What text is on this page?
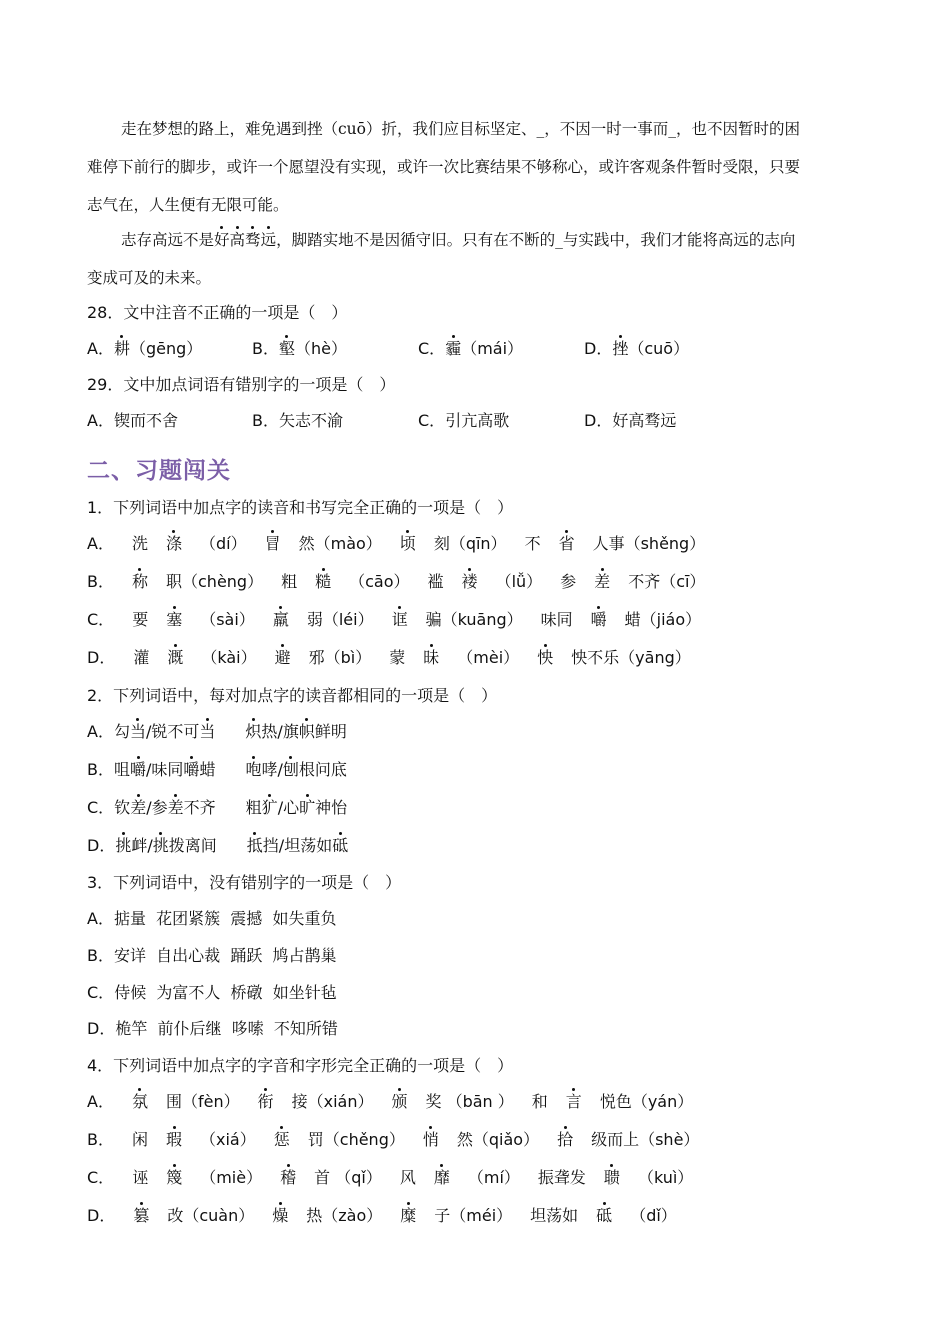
走在梦想的路上，难免遇到挫（cuō）折，我们应目标坚定、_，不因一时一事而_，也不因暂时的困
难停下前行的脚步，或许一个愿望没有实现，或许一次比赛结果不够称心，或许客观条件暂时受限，只要
志气在，人生便有无限可能。
志存高远不是好高骛远，脚踏实地不是因循守旧。只有在不断的_与实践中，我们才能将高远的志向
变成可及的未来。
28．文中注音不正确的一项是（　）
A．耕（gēng）	B．壑（hè）	C．霾（mái）	D．挫（cuō）
29．文中加点词语有错别字的一项是（　）
A．锲而不舍	B．矢志不渝	C．引亢高歌	D．好高骛远
二、习题闯关
1．下列词语中加点字的读音和书写完全正确的一项是（　）
A． 洗 涤 （dí） 冒 然（mào） 顷 刻（qīn） 不 省 人事（shěng）
B． 称 职（chèng） 粗 糙 （cāo） 褴 褛 （lǚ） 参 差 不齐（cī）
C． 要 塞 （sài） 羸 弱（léi） 诓 骗（kuāng） 味同 嚼 蜡（jiáo）
D． 灌 溉 （kài） 避 邪（bì） 蒙 昧 （mèi） 怏 怏不乐（yāng）
2．下列词语中，每对加点字的读音都相同的一项是（　）
A．勾当/锐不可当 炽热/旗帜鲜明
B．咀嚼/味同嚼蜡 咆哮/刨根问底
C．钦差/参差不齐 粗犷/心旷神怡
D．挑衅/挑拨离间 抵挡/坦荡如砥
3．下列词语中，没有错别字的一项是（　）
A．掂量  花团紧簇  震撼  如失重负
B．安详  自出心裁  踊跃  鸠占鹊巢
C．侍候  为富不人  桥礅  如坐针毡
D．桅竿  前仆后继  哆嗦  不知所错
4．下列词语中加点字的字音和字形完全正确的一项是（　）
A． 氛 围（fèn） 衔 接（xián） 颁 奖 （bān ） 和 言 悦色（yán）
B． 闲 瑕 （xiá） 惩 罚（chěng） 悄 然（qiǎo） 拾 级而上（shè）
C． 诬 篾 （miè） 稽 首 （qǐ） 风 靡 （mí） 振聋发 聩 （kuì）
D． 篡 改（cuàn） 燥 热（zào） 糜 子（méi） 坦荡如 砥 （dǐ）
